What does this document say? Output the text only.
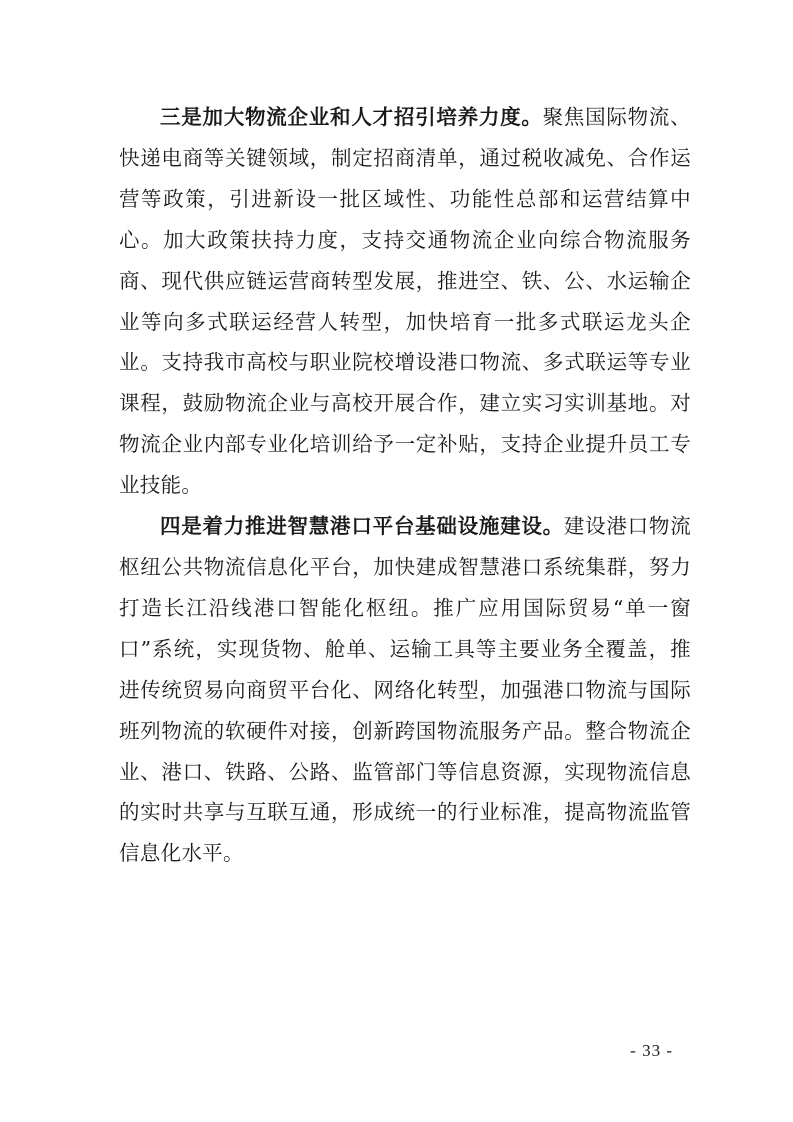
三是加大物流企业和人才招引培养力度。聚焦国际物流、快递电商等关键领域，制定招商清单，通过税收减免、合作运营等政策，引进新设一批区域性、功能性总部和运营结算中心。加大政策扶持力度，支持交通物流企业向综合物流服务商、现代供应链运营商转型发展，推进空、铁、公、水运输企业等向多式联运经营人转型，加快培育一批多式联运龙头企业。支持我市高校与职业院校增设港口物流、多式联运等专业课程，鼓励物流企业与高校开展合作，建立实习实训基地。对物流企业内部专业化培训给予一定补贴，支持企业提升员工专业技能。

四是着力推进智慧港口平台基础设施建设。建设港口物流枢纽公共物流信息化平台，加快建成智慧港口系统集群，努力打造长江沿线港口智能化枢纽。推广应用国际贸易“单一窗口”系统，实现货物、舱单、运输工具等主要业务全覆盖，推进传统贸易向商贸平台化、网络化转型，加强港口物流与国际班列物流的软硬件对接，创新跨国物流服务产品。整合物流企业、港口、铁路、公路、监管部门等信息资源，实现物流信息的实时共享与互联互通，形成统一的行业标准，提高物流监管信息化水平。

- 33 -
